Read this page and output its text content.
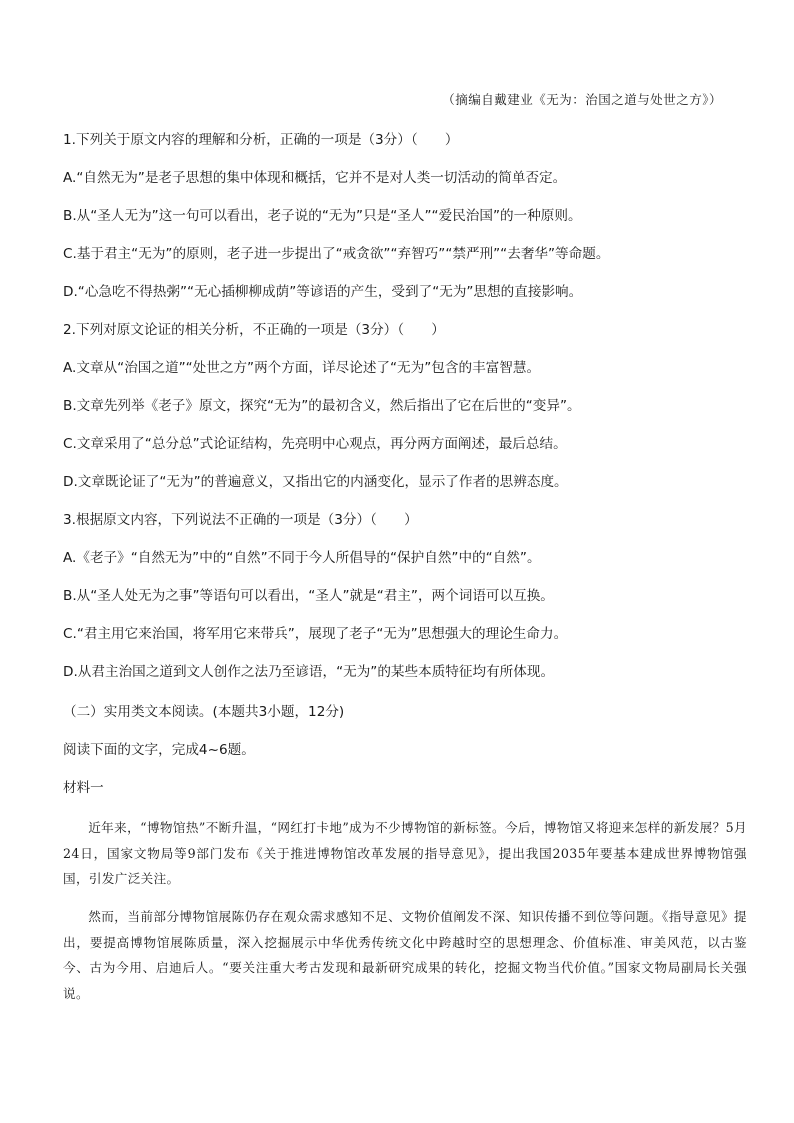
（摘编自戴建业《无为：治国之道与处世之方》）
1.下列关于原文内容的理解和分析，正确的一项是（3分）（　　）
A.“自然无为”是老子思想的集中体现和概括，它并不是对人类一切活动的简单否定。
B.从“圣人无为”这一句可以看出，老子说的“无为”只是“圣人”“爱民治国”的一种原则。
C.基于君主“无为”的原则，老子进一步提出了“戒贪欲”“弃智巧”“禁严刑”“去奢华”等命题。
D.“心急吃不得热粥”“无心插柳柳成荫”等谚语的产生，受到了“无为”思想的直接影响。
2.下列对原文论证的相关分析，不正确的一项是（3分）（　　）
A.文章从“治国之道”“处世之方”两个方面，详尽论述了“无为”包含的丰富智慧。
B.文章先列举《老子》原文，探究“无为”的最初含义，然后指出了它在后世的“变异”。
C.文章采用了“总分总”式论证结构，先亮明中心观点，再分两方面阐述，最后总结。
D.文章既论证了“无为”的普遍意义，又指出它的内涵变化，显示了作者的思辨态度。
3.根据原文内容，下列说法不正确的一项是（3分）（　　）
A.《老子》“自然无为”中的“自然”不同于今人所倡导的“保护自然”中的“自然”。
B.从“圣人处无为之事”等语句可以看出，“圣人”就是“君主”，两个词语可以互换。
C.“君主用它来治国，将军用它来带兵”，展现了老子“无为”思想强大的理论生命力。
D.从君主治国之道到文人创作之法乃至谚语，“无为”的某些本质特征均有所体现。
（二）实用类文本阅读。(本题共3小题，12分)
阅读下面的文字，完成4~6题。
材料一
近年来，“博物馆热”不断升温，“网红打卡地”成为不少博物馆的新标签。今后，博物馆又将迎来怎样的新发展？5月24日，国家文物局等9部门发布《关于推进博物馆改革发展的指导意见》，提出我国2035年要基本建成世界博物馆强国，引发广泛关注。
然而，当前部分博物馆展陈仍存在观众需求感知不足、文物价值阐发不深、知识传播不到位等问题。《指导意见》提出，要提高博物馆展陈质量，深入挖掘展示中华优秀传统文化中跨越时空的思想理念、价值标准、审美风范，以古鉴今、古为今用、启迪后人。“要关注重大考古发现和最新研究成果的转化，挖掘文物当代价值。”国家文物局副局长关强说。
